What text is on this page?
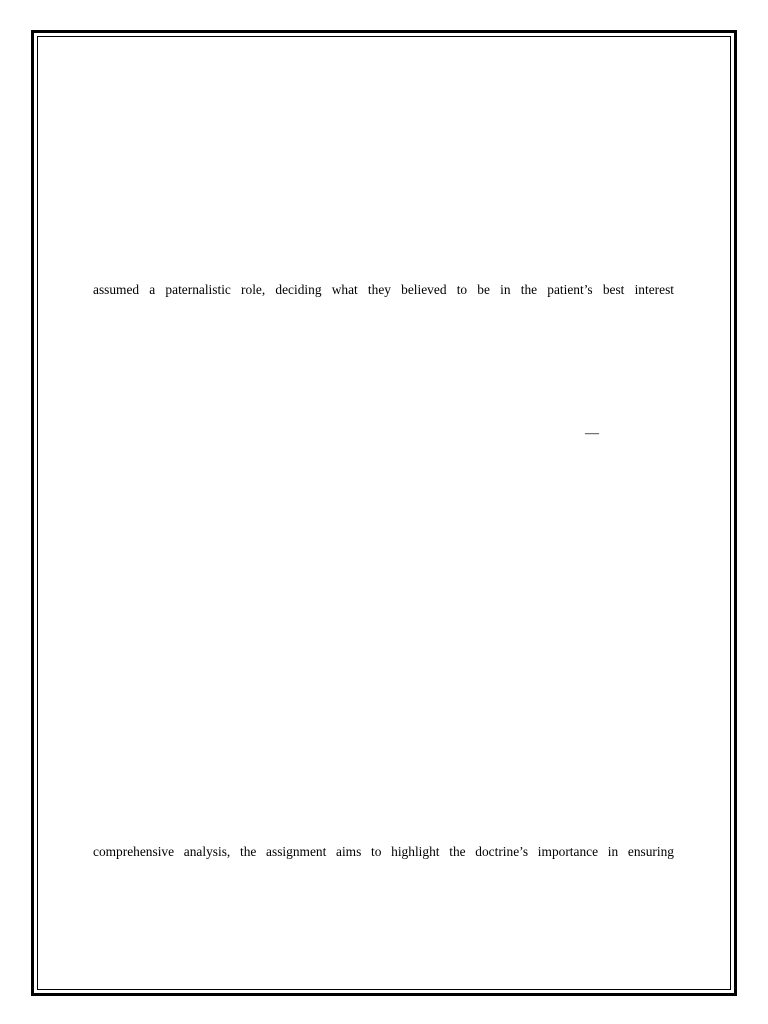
assumed a paternalistic role, deciding what they believed to be in the patient’s best interest
—
comprehensive analysis, the assignment aims to highlight the doctrine’s importance in ensuring
